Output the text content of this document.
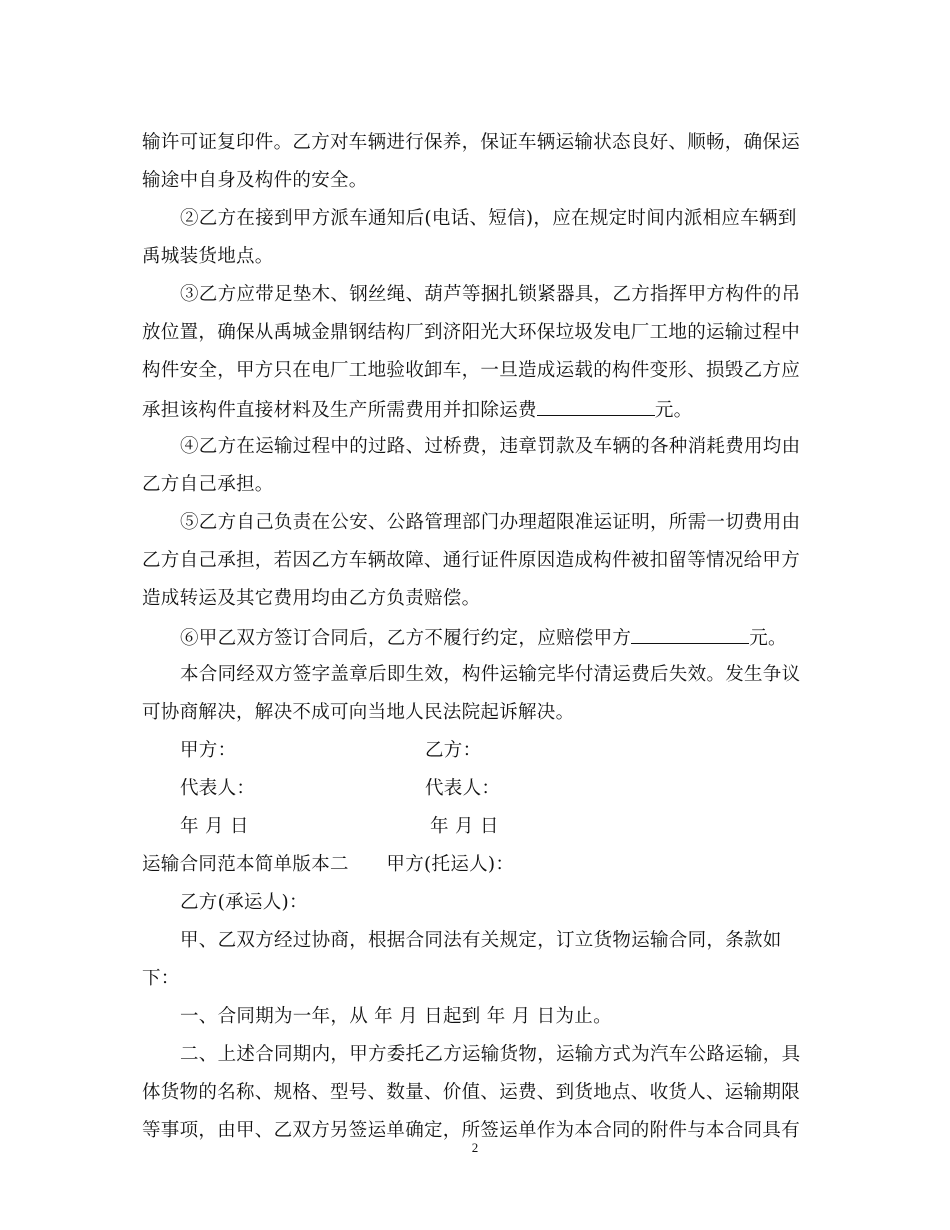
输许可证复印件。乙方对车辆进行保养，保证车辆运输状态良好、顺畅，确保运
输途中自身及构件的安全。
②乙方在接到甲方派车通知后(电话、短信)，应在规定时间内派相应车辆到
禹城装货地点。
③乙方应带足垫木、钢丝绳、葫芦等捆扎锁紧器具，乙方指挥甲方构件的吊
放位置，确保从禹城金鼎钢结构厂到济阳光大环保垃圾发电厂工地的运输过程中
构件安全，甲方只在电厂工地验收卸车，一旦造成运载的构件变形、损毁乙方应
承担该构件直接材料及生产所需费用并扣除运费	元。
④乙方在运输过程中的过路、过桥费，违章罚款及车辆的各种消耗费用均由
乙方自己承担。
⑤乙方自己负责在公安、公路管理部门办理超限准运证明，所需一切费用由
乙方自己承担，若因乙方车辆故障、通行证件原因造成构件被扣留等情况给甲方
造成转运及其它费用均由乙方负责赔偿。
⑥甲乙双方签订合同后，乙方不履行约定，应赔偿甲方	元。
本合同经双方签字盖章后即生效，构件运输完毕付清运费后失效。发生争议
可协商解决，解决不成可向当地人民法院起诉解决。
甲方：	乙方：
代表人：	代表人：
年 月 日	年 月 日
运输合同范本简单版本二　　甲方(托运人)：
乙方(承运人)：
甲、乙双方经过协商，根据合同法有关规定，订立货物运输合同，条款如
下：
一、合同期为一年，从 年 月 日起到 年 月 日为止。
二、上述合同期内，甲方委托乙方运输货物，运输方式为汽车公路运输，具
体货物的名称、规格、型号、数量、价值、运费、到货地点、收货人、运输期限
等事项，由甲、乙双方另签运单确定，所签运单作为本合同的附件与本合同具有
2
